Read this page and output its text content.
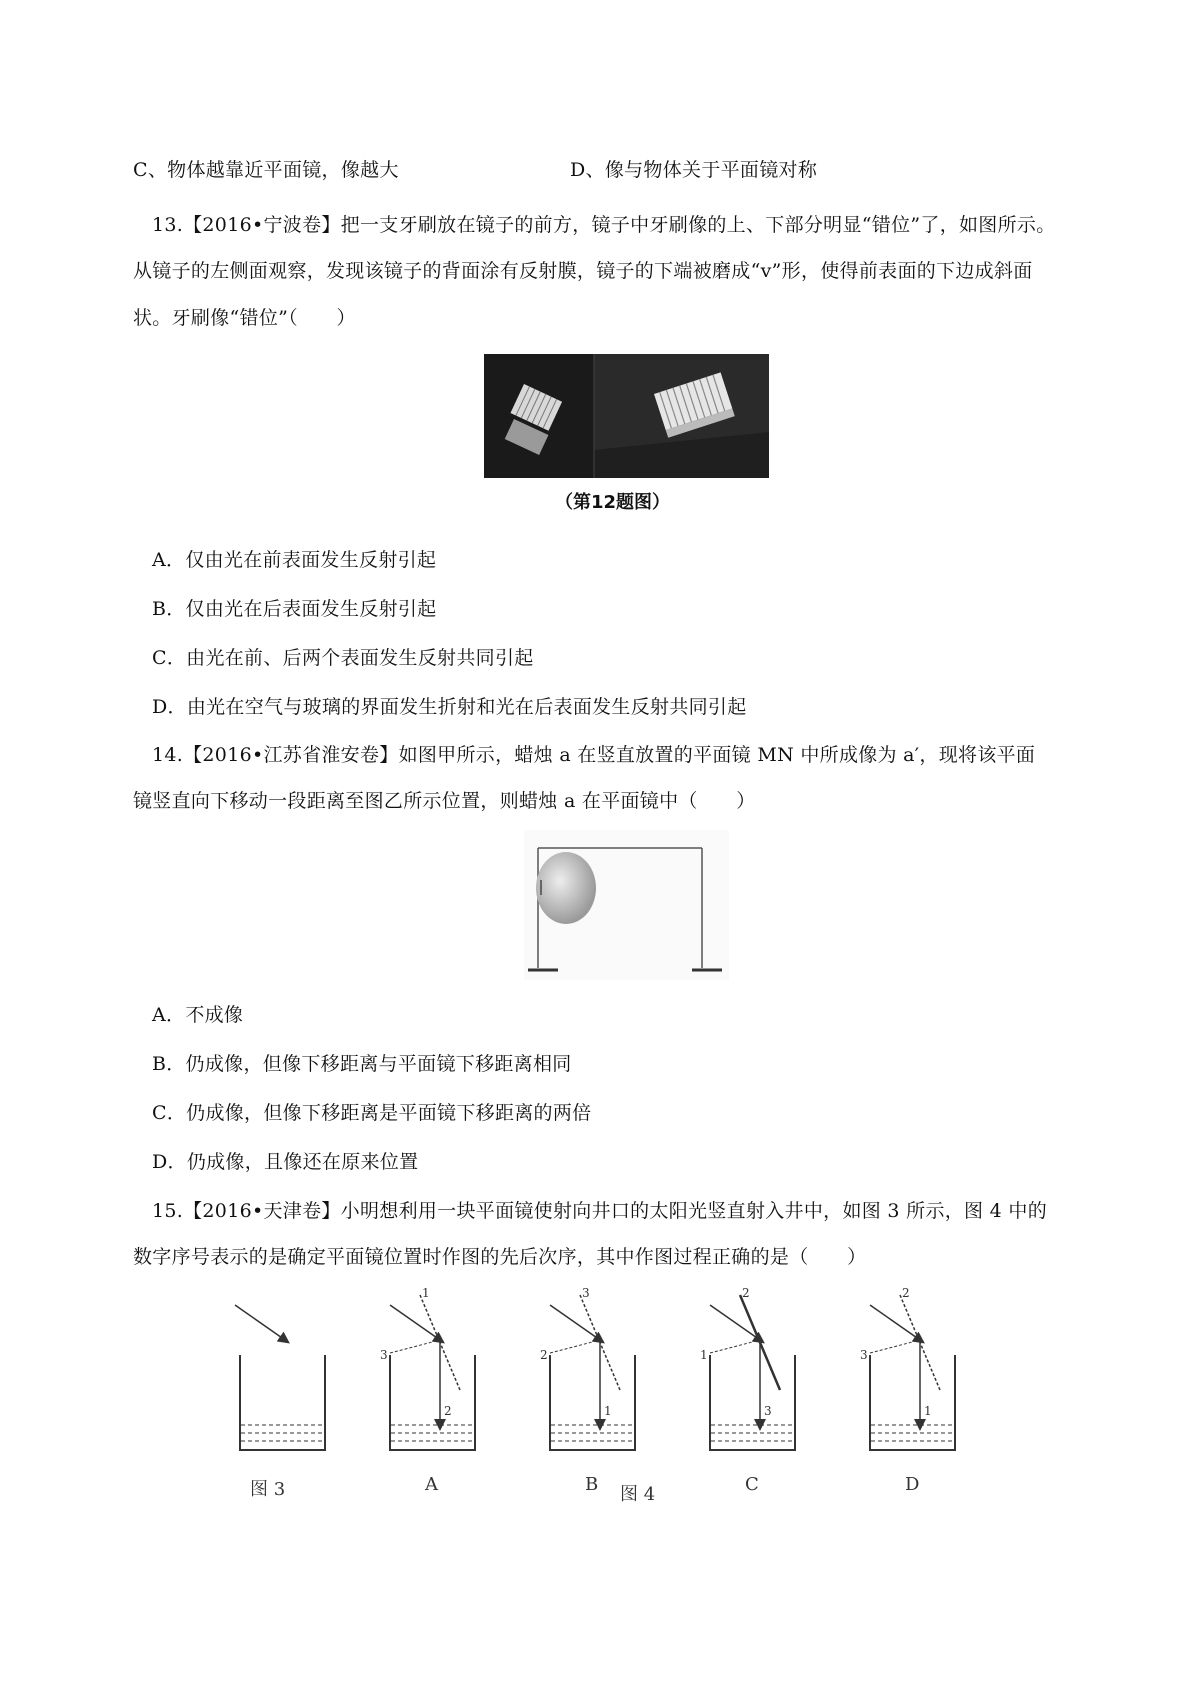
C、物体越靠近平面镜，像越大	D、像与物体关于平面镜对称
13.【2016•宁波卷】把一支牙刷放在镜子的前方，镜子中牙刷像的上、下部分明显“错位”了，如图所示。
从镜子的左侧面观察，发现该镜子的背面涂有反射膜，镜子的下端被磨成“v”形，使得前表面的下边成斜面
状。牙刷像“错位”（　　）
（第12题图）
A．仅由光在前表面发生反射引起
B．仅由光在后表面发生反射引起
C．由光在前、后两个表面发生反射共同引起
D．由光在空气与玻璃的界面发生折射和光在后表面发生反射共同引起
14.【2016•江苏省淮安卷】如图甲所示，蜡烛 a 在竖直放置的平面镜 MN 中所成像为 a′，现将该平面
镜竖直向下移动一段距离至图乙所示位置，则蜡烛 a 在平面镜中（　　）
A．不成像
B．仍成像，但像下移距离与平面镜下移距离相同
C．仍成像，但像下移距离是平面镜下移距离的两倍
D．仍成像，且像还在原来位置
15.【2016•天津卷】小明想利用一块平面镜使射向井口的太阳光竖直射入井中，如图 3 所示，图 4 中的
数字序号表示的是确定平面镜位置时作图的先后次序，其中作图过程正确的是（　　）
图 3
1
2
3
A
3
2
1
B
2
1
3
C
2
3
1
D
图 4
